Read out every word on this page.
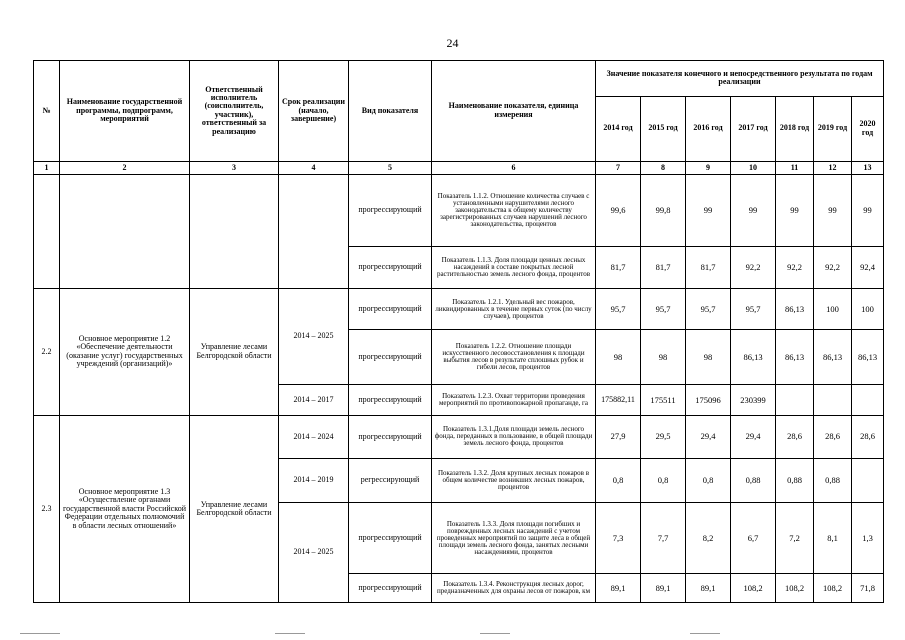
24
№	Наименование государственной программы, подпрограмм, мероприятий	Ответственный исполнитель (соисполнитель, участник), ответственный за реализацию	Срок реализации (начало, завершение)	Вид показателя	Наименование показателя, единица измерения	Значение показателя конечного и непосредственного результата по годам реализации						
						2014 год	2015 год	2016 год	2017 год	2018 год	2019 год	2020 год
1	2	3	4	5	6	7	8	9	10	11	12	13
				прогрессирующий	Показатель 1.1.2. Отношение количества случаев с установленными нарушителями лесного законодательства к общему количеству зарегистрированных случаев нарушений лесного законодательства, процентов	99,6	99,8	99	99	99	99	99
				прогрессирующий	Показатель 1.1.3. Доля площади ценных лесных насаждений в составе покрытых лесной растительностью земель лесного фонда, процентов	81,7	81,7	81,7	92,2	92,2	92,2	92,4
2.2	Основное мероприятие 1.2 «Обеспечение деятельности (оказание услуг) государственных учреждений (организаций)»	Управление лесами Белгородской области	2014 – 2025	прогрессирующий	Показатель 1.2.1. Удельный вес пожаров, ликвидированных в течение первых суток (по числу случаев), процентов	95,7	95,7	95,7	95,7	86,13	100	100
				прогрессирующий	Показатель 1.2.2. Отношение площади искусственного лесовосстановления к площади выбытия лесов в результате сплошных рубок и гибели лесов, процентов	98	98	98	86,13	86,13	86,13	86,13
			2014 – 2017	прогрессирующий	Показатель 1.2.3. Охват территории проведения мероприятий по противопожарной пропаганде, га	175882,11	175511	175096	230399			
2.3	Основное мероприятие 1.3 «Осуществление органами государственной власти Российской Федерации отдельных полномочий в области лесных отношений»	Управление лесами Белгородской области	2014 – 2024	прогрессирующий	Показатель 1.3.1.Доля площади земель лесного фонда, переданных в пользование, в общей площади земель лесного фонда, процентов	27,9	29,5	29,4	29,4	28,6	28,6	28,6
			2014 – 2019	регрессирующий	Показатель 1.3.2. Доля крупных лесных пожаров в общем количестве возникших лесных пожаров, процентов	0,8	0,8	0,8	0,88	0,88	0,88	
			2014 – 2025	прогрессирующий	Показатель 1.3.3. Доля площади погибших и поврежденных лесных насаждений с учетом проведенных мероприятий по защите леса в общей площади земель лесного фонда, занятых лесными насаждениями, процентов	7,3	7,7	8,2	6,7	7,2	8,1	1,3
				прогрессирующий	Показатель 1.3.4. Реконструкция лесных дорог, предназначенных для охраны лесов от пожаров, км	89,1	89,1	89,1	108,2	108,2	108,2	71,8
